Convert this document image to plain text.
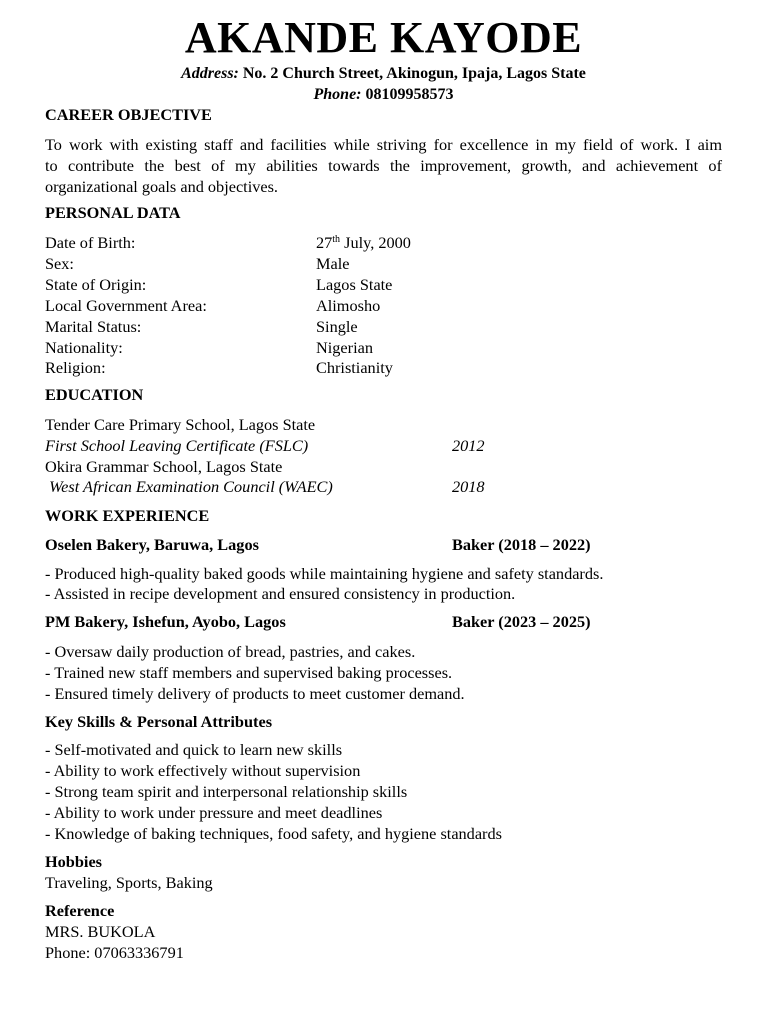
AKANDE KAYODE
Address: No. 2 Church Street, Akinogun, Ipaja, Lagos State
Phone: 08109958573
CAREER OBJECTIVE
To work with existing staff and facilities while striving for excellence in my field of work. I aim
to contribute the best of my abilities towards the improvement, growth, and achievement of
organizational goals and objectives.
PERSONAL DATA
Date of Birth:	27th July, 2000
Sex:	Male
State of Origin:	Lagos State
Local Government Area:	Alimosho
Marital Status:	Single
Nationality:	Nigerian
Religion:	Christianity
EDUCATION
Tender Care Primary School, Lagos State
First School Leaving Certificate (FSLC)	2012
Okira Grammar School, Lagos State
West African Examination Council (WAEC)	2018
WORK EXPERIENCE
Oselen Bakery, Baruwa, Lagos	Baker (2018 – 2022)
- Produced high-quality baked goods while maintaining hygiene and safety standards.
- Assisted in recipe development and ensured consistency in production.
PM Bakery, Ishefun, Ayobo, Lagos	Baker (2023 – 2025)
- Oversaw daily production of bread, pastries, and cakes.
- Trained new staff members and supervised baking processes.
- Ensured timely delivery of products to meet customer demand.
Key Skills & Personal Attributes
- Self-motivated and quick to learn new skills
- Ability to work effectively without supervision
- Strong team spirit and interpersonal relationship skills
- Ability to work under pressure and meet deadlines
- Knowledge of baking techniques, food safety, and hygiene standards
Hobbies
Traveling, Sports, Baking
Reference
MRS. BUKOLA
Phone: 07063336791
